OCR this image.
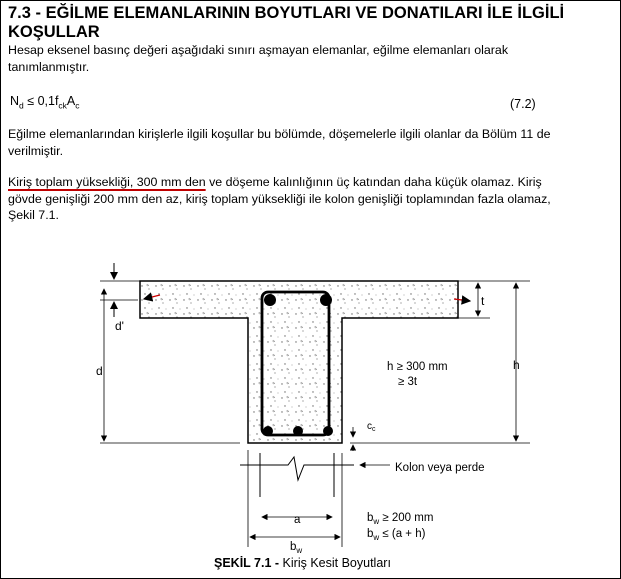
7.3 - EĞİLME ELEMANLARININ BOYUTLARI VE DONATILARI İLE İLGİLİ
KOŞULLAR
Hesap eksenel basınç değeri aşağıdaki sınırı aşmayan elemanlar, eğilme elemanları olarak
tanımlanmıştır.
$N_d \le 0,1f_{ck}A_c$	(7.2)
Eğilme elemanlarından kirişlerle ilgili koşullar bu bölümde, döşemelerle ilgili olanlar da Bölüm 11 de
verilmiştir.
Kiriş toplam yüksekliği, 300 mm den ve döşeme kalınlığının üç katından daha küçük olamaz. Kiriş
gövde genişliği 200 mm den az, kiriş toplam yüksekliği ile kolon genişliği toplamından fazla olamaz,
Şekil 7.1.
d'
d
t
h
h ≥ 300 mm
≥ 3t
$c_c$
Kolon veya perde
a
$b_w$
$b_w \ge 200$ mm
$b_w \le (a + h)$
ŞEKİL 7.1 - Kiriş Kesit Boyutları
